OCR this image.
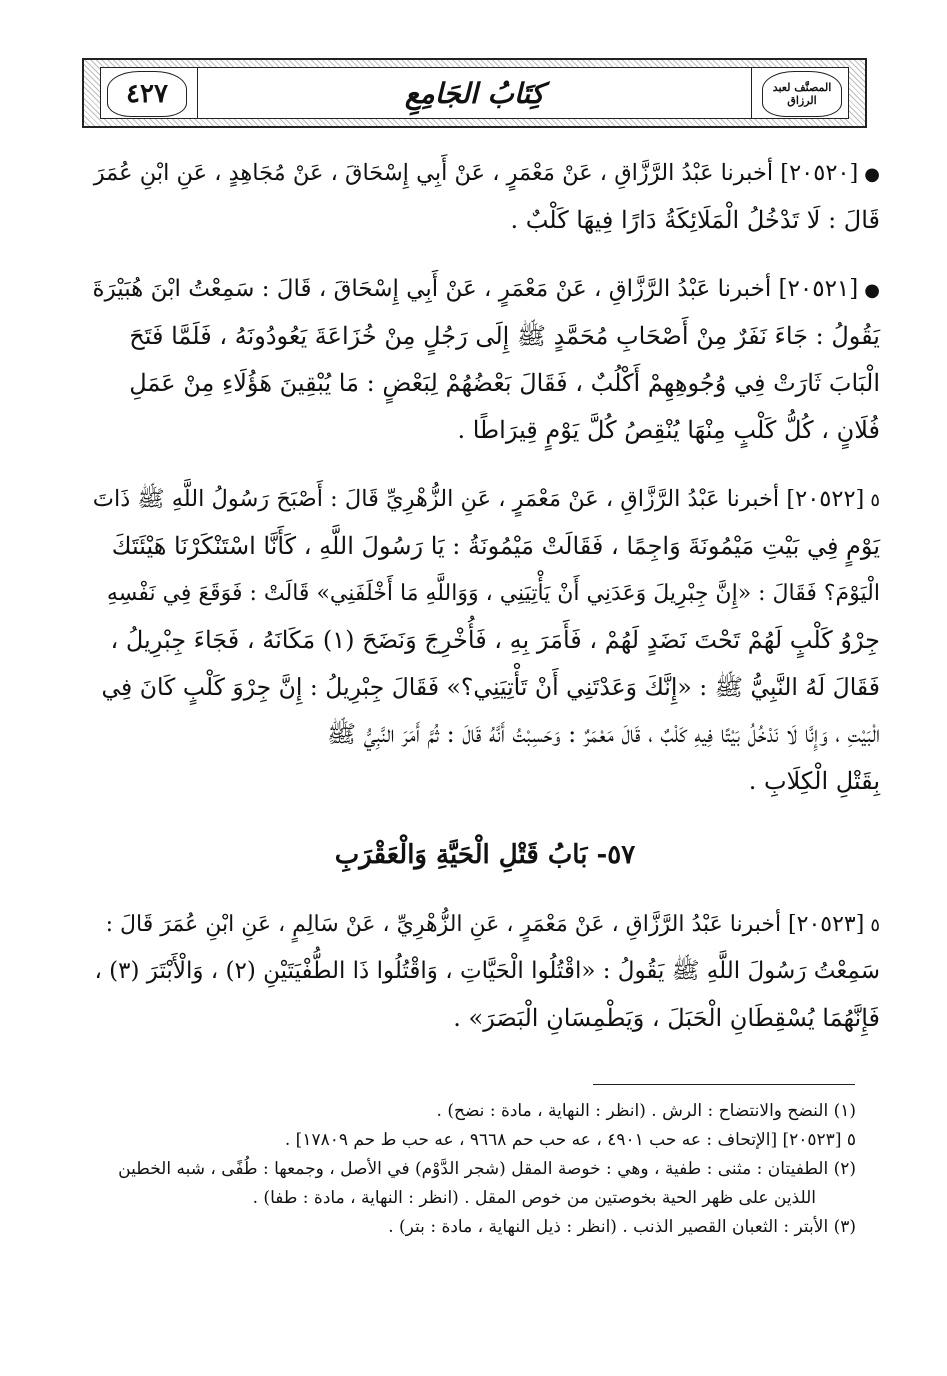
المصنَّف لعبد الرزاق
كِتَابُ الجَامِعِ
٤٢٧
●[٢٠٥٢٠] أخبرنا عَبْدُ الرَّزَّاقِ ، عَنْ مَعْمَرٍ ، عَنْ أَبِي إِسْحَاقَ ، عَنْ مُجَاهِدٍ ، عَنِ ابْنِ عُمَرَ
قَالَ : لَا تَدْخُلُ الْمَلَائِكَةُ دَارًا فِيهَا كَلْبٌ .
●[٢٠٥٢١] أخبرنا عَبْدُ الرَّزَّاقِ ، عَنْ مَعْمَرٍ ، عَنْ أَبِي إِسْحَاقَ ، قَالَ : سَمِعْتُ ابْنَ هُبَيْرَةَ
يَقُولُ : جَاءَ نَفَرٌ مِنْ أَصْحَابِ مُحَمَّدٍ ﷺ إِلَى رَجُلٍ مِنْ خُزَاعَةَ يَعُودُونَهُ ، فَلَمَّا فَتَحَ
الْبَابَ ثَارَتْ فِي وُجُوهِهِمْ أَكْلُبٌ ، فَقَالَ بَعْضُهُمْ لِبَعْضٍ : مَا يُبْقِينَ هَؤُلَاءِ مِنْ عَمَلِ
فُلَانٍ ، كُلُّ كَلْبٍ مِنْهَا يُنْقِصُ كُلَّ يَوْمٍ قِيرَاطًا .
٥[٢٠٥٢٢] أخبرنا عَبْدُ الرَّزَّاقِ ، عَنْ مَعْمَرٍ ، عَنِ الزُّهْرِيِّ قَالَ : أَصْبَحَ رَسُولُ اللَّهِ ﷺ ذَاتَ
يَوْمٍ فِي بَيْتِ مَيْمُونَةَ وَاجِمًا ، فَقَالَتْ مَيْمُونَةُ : يَا رَسُولَ اللَّهِ ، كَأَنَّا اسْتَنْكَرْنَا هَيْئَتَكَ
الْيَوْمَ؟ فَقَالَ : «إِنَّ جِبْرِيلَ وَعَدَنِي أَنْ يَأْتِيَنِي ، وَوَاللَّهِ مَا أَخْلَفَنِي» قَالَتْ : فَوَقَعَ فِي نَفْسِهِ
جِرْوُ كَلْبٍ لَهُمْ تَحْتَ نَضَدٍ لَهُمْ ، فَأَمَرَ بِهِ ، فَأُخْرِجَ وَنَضَحَ (١) مَكَانَهُ ، فَجَاءَ جِبْرِيلُ ،
فَقَالَ لَهُ النَّبِيُّ ﷺ : «إِنَّكَ وَعَدْتَنِي أَنْ تَأْتِيَنِي؟» فَقَالَ جِبْرِيلُ : إِنَّ جِرْوَ كَلْبٍ كَانَ فِي
الْبَيْتِ ، وَإِنَّا لَا نَدْخُلُ بَيْتًا فِيهِ كَلْبٌ ، قَالَ مَعْمَرٌ : وَحَسِبْتُ أَنَّهُ قَالَ : ثُمَّ أَمَرَ النَّبِيُّ ﷺ
بِقَتْلِ الْكِلَابِ .
٥٧- بَابُ قَتْلِ الْحَيَّةِ وَالْعَقْرَبِ
٥[٢٠٥٢٣] أخبرنا عَبْدُ الرَّزَّاقِ ، عَنْ مَعْمَرٍ ، عَنِ الزُّهْرِيِّ ، عَنْ سَالِمٍ ، عَنِ ابْنِ عُمَرَ قَالَ :
سَمِعْتُ رَسُولَ اللَّهِ ﷺ يَقُولُ : «اقْتُلُوا الْحَيَّاتِ ، وَاقْتُلُوا ذَا الطُّفْيَتَيْنِ (٢) ، وَالْأَبْتَرَ (٣) ،
فَإِنَّهُمَا يُسْقِطَانِ الْحَبَلَ ، وَيَطْمِسَانِ الْبَصَرَ» .
(١) النضح والانتضاح : الرش . (انظر : النهاية ، مادة : نضح) .
٥ [٢٠٥٢٣] [الإتحاف : عه حب ٤٩٠١ ، عه حب حم ٩٦٦٨ ، عه حب ط حم ١٧٨٠٩] .
(٢) الطفيتان : مثنى : طفية ، وهي : خوصة المقل (شجر الدَّوْم) في الأصل ، وجمعها : طُفًى ، شبه الخطين
اللذين على ظهر الحية بخوصتين من خوص المقل . (انظر : النهاية ، مادة : طفا) .
(٣) الأبتر : الثعبان القصير الذنب . (انظر : ذيل النهاية ، مادة : بتر) .
